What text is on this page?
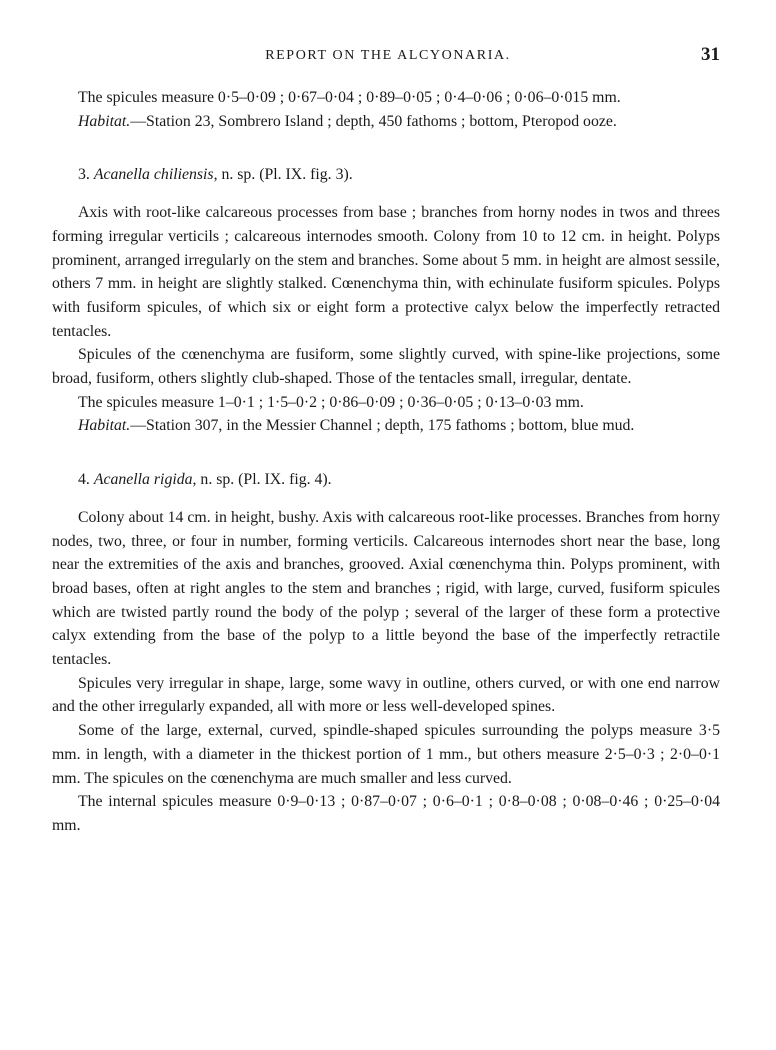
REPORT ON THE ALCYONARIA.	31

The spicules measure 0·5–0·09 ; 0·67–0·04 ; 0·89–0·05 ; 0·4–0·06 ; 0·06–0·015 mm.

Habitat.—Station 23, Sombrero Island ; depth, 450 fathoms ; bottom, Pteropod ooze.

3. Acanella chiliensis, n. sp. (Pl. IX. fig. 3).

Axis with root-like calcareous processes from base ; branches from horny nodes in twos and threes forming irregular verticils ; calcareous internodes smooth. Colony from 10 to 12 cm. in height. Polyps prominent, arranged irregularly on the stem and branches. Some about 5 mm. in height are almost sessile, others 7 mm. in height are slightly stalked. Cœnenchyma thin, with echinulate fusiform spicules. Polyps with fusiform spicules, of which six or eight form a protective calyx below the imperfectly retracted tentacles.

Spicules of the cœnenchyma are fusiform, some slightly curved, with spine-like projections, some broad, fusiform, others slightly club-shaped. Those of the tentacles small, irregular, dentate.

The spicules measure 1–0·1 ; 1·5–0·2 ; 0·86–0·09 ; 0·36–0·05 ; 0·13–0·03 mm.

Habitat.—Station 307, in the Messier Channel ; depth, 175 fathoms ; bottom, blue mud.

4. Acanella rigida, n. sp. (Pl. IX. fig. 4).

Colony about 14 cm. in height, bushy. Axis with calcareous root-like processes. Branches from horny nodes, two, three, or four in number, forming verticils. Calcareous internodes short near the base, long near the extremities of the axis and branches, grooved. Axial cœnenchyma thin. Polyps prominent, with broad bases, often at right angles to the stem and branches ; rigid, with large, curved, fusiform spicules which are twisted partly round the body of the polyp ; several of the larger of these form a protective calyx extending from the base of the polyp to a little beyond the base of the imperfectly retractile tentacles.

Spicules very irregular in shape, large, some wavy in outline, others curved, or with one end narrow and the other irregularly expanded, all with more or less well-developed spines.

Some of the large, external, curved, spindle-shaped spicules surrounding the polyps measure 3·5 mm. in length, with a diameter in the thickest portion of 1 mm., but others measure 2·5–0·3 ; 2·0–0·1 mm. The spicules on the cœnenchyma are much smaller and less curved.

The internal spicules measure 0·9–0·13 ; 0·87–0·07 ; 0·6–0·1 ; 0·8–0·08 ; 0·08–0·46 ; 0·25–0·04 mm.
